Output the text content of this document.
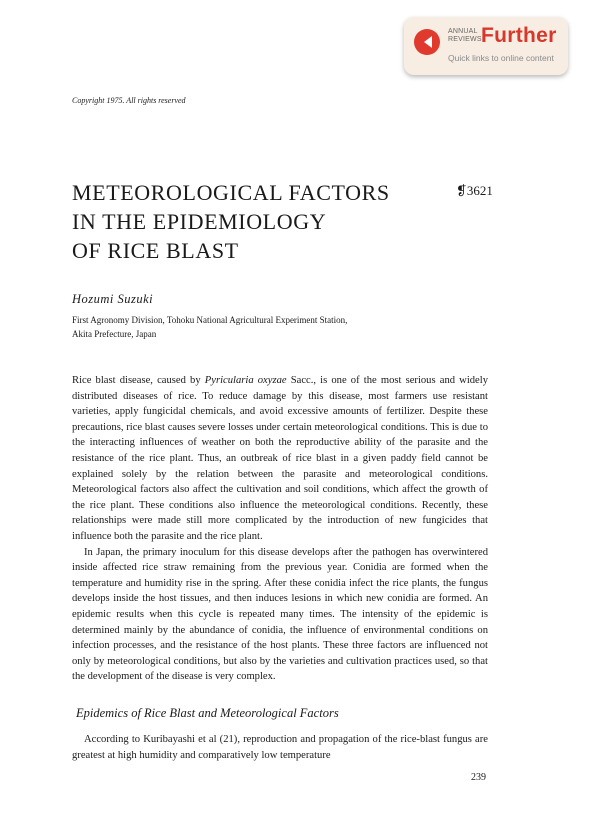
ANNUAL
REVIEWS Further
Quick links to online content
Copyright 1975. All rights reserved
METEOROLOGICAL FACTORS
IN THE EPIDEMIOLOGY
OF RICE BLAST
❡3621
Hozumi Suzuki
First Agronomy Division, Tohoku National Agricultural Experiment Station,
Akita Prefecture, Japan

Rice blast disease, caused by Pyricularia oxyzae Sacc., is one of the most serious and widely distributed diseases of rice. To reduce damage by this disease, most farmers use resistant varieties, apply fungicidal chemicals, and avoid excessive amounts of fertilizer. Despite these precautions, rice blast causes severe losses under certain meteorological conditions. This is due to the interacting influences of weather on both the reproductive ability of the parasite and the resistance of the rice plant. Thus, an outbreak of rice blast in a given paddy field cannot be explained solely by the relation between the parasite and meteorological conditions. Meteorological factors also affect the cultivation and soil conditions, which affect the growth of the rice plant. These conditions also influence the meteorological conditions. Recently, these relationships were made still more complicated by the introduction of new fungicides that influence both the parasite and the rice plant.

In Japan, the primary inoculum for this disease develops after the pathogen has overwintered inside affected rice straw remaining from the previous year. Conidia are formed when the temperature and humidity rise in the spring. After these conidia infect the rice plants, the fungus develops inside the host tissues, and then induces lesions in which new conidia are formed. An epidemic results when this cycle is repeated many times. The intensity of the epidemic is determined mainly by the abundance of conidia, the influence of environmental conditions on infection processes, and the resistance of the host plants. These three factors are influenced not only by meteorological conditions, but also by the varieties and cultivation practices used, so that the development of the disease is very complex.

Epidemics of Rice Blast and Meteorological Factors

According to Kuribayashi et al (21), reproduction and propagation of the rice-blast fungus are greatest at high humidity and comparatively low temperature

239
